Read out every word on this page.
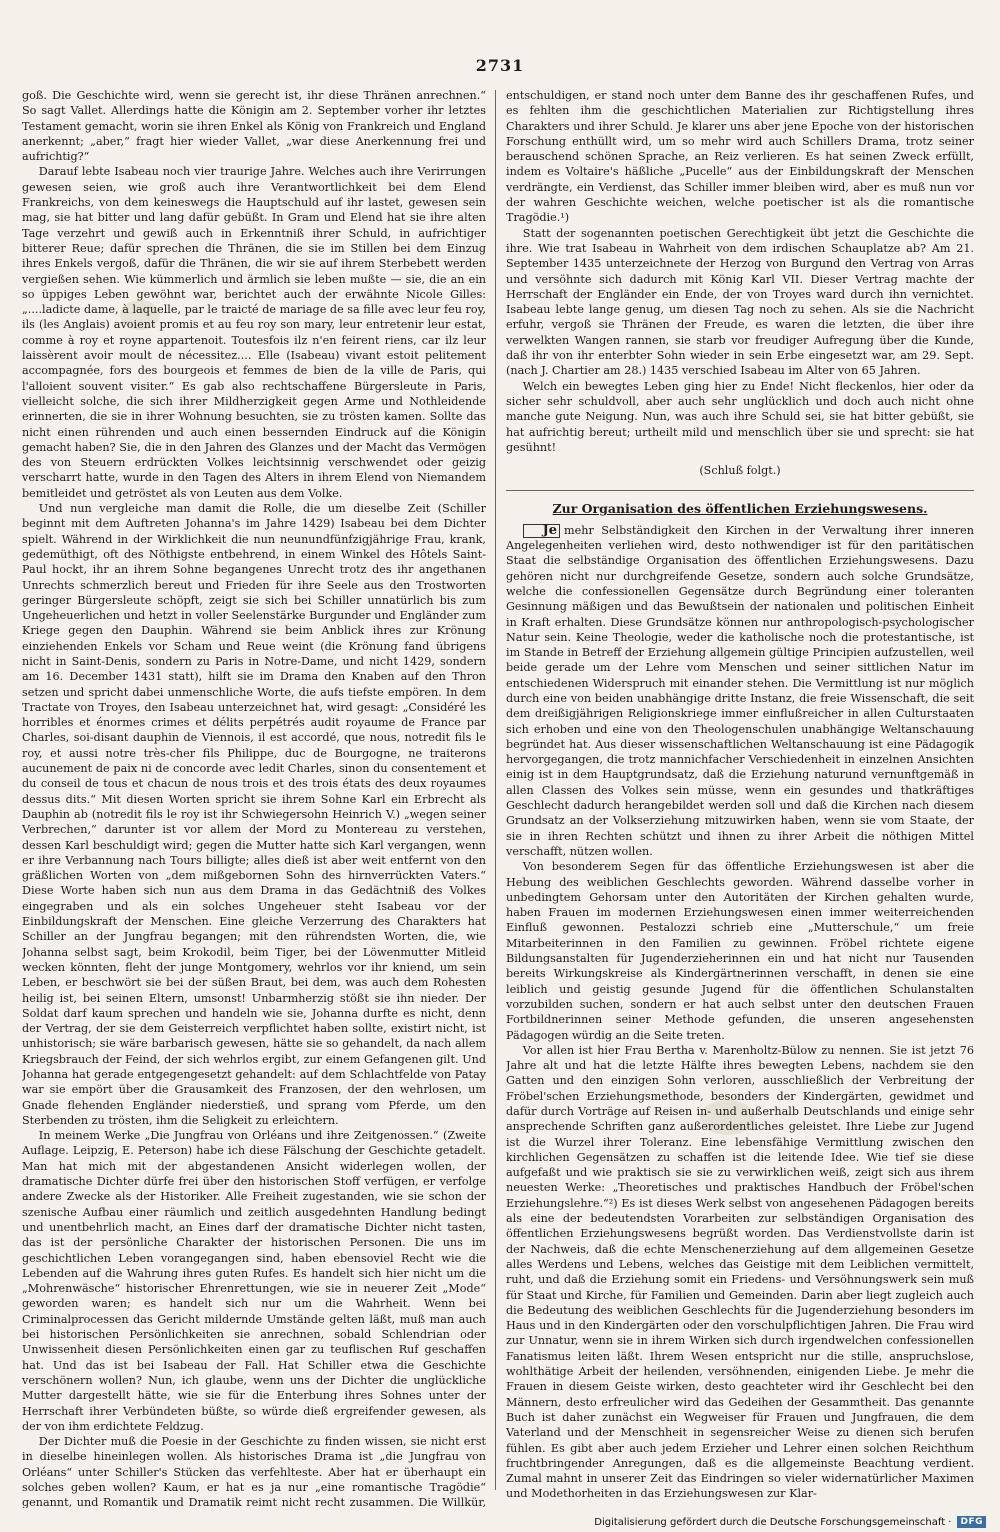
2731

goß. Die Geschichte wird, wenn sie gerecht ist, ihr diese Thränen anrechnen.“ So sagt Vallet. Allerdings hatte die Königin am 2. September vorher ihr letztes Testament gemacht, worin sie ihren Enkel als König von Frankreich und England anerkennt; „aber,“ fragt hier wieder Vallet, „war diese Anerkennung frei und aufrichtig?“

Darauf lebte Isabeau noch vier traurige Jahre. Welches auch ihre Verirrungen gewesen seien, wie groß auch ihre Verantwortlichkeit bei dem Elend Frankreichs, von dem keineswegs die Hauptschuld auf ihr lastet, gewesen sein mag, sie hat bitter und lang dafür gebüßt. In Gram und Elend hat sie ihre alten Tage verzehrt und gewiß auch in Erkenntniß ihrer Schuld, in aufrichtiger bitterer Reue; dafür sprechen die Thränen, die sie im Stillen bei dem Einzug ihres Enkels vergoß, dafür die Thränen, die wir sie auf ihrem Sterbebett werden vergießen sehen. Wie kümmerlich und ärmlich sie leben mußte — sie, die an ein so üppiges Leben gewöhnt war, berichtet auch der erwähnte Nicole Gilles: „....ladicte dame, à laquelle, par le traicté de mariage de sa fille avec leur feu roy, ils (les Anglais) avoient promis et au feu roy son mary, leur entretenir leur estat, comme à roy et royne appartenoit. Toutesfois ilz n'en feirent riens, car ilz leur laissèrent avoir moult de nécessitez.... Elle (Isabeau) vivant estoit pelitement accompagnée, fors des bourgeois et femmes de bien de la ville de Paris, qui l'alloient souvent visiter.“ Es gab also rechtschaffene Bürgersleute in Paris, vielleicht solche, die sich ihrer Mildherzigkeit gegen Arme und Nothleidende erinnerten, die sie in ihrer Wohnung besuchten, sie zu trösten kamen. Sollte das nicht einen rührenden und auch einen bessernden Eindruck auf die Königin gemacht haben? Sie, die in den Jahren des Glanzes und der Macht das Vermögen des von Steuern erdrückten Volkes leichtsinnig verschwendet oder geizig verscharrt hatte, wurde in den Tagen des Alters in ihrem Elend von Niemandem bemitleidet und getröstet als von Leuten aus dem Volke.

Und nun vergleiche man damit die Rolle, die um dieselbe Zeit (Schiller beginnt mit dem Auftreten Johanna's im Jahre 1429) Isabeau bei dem Dichter spielt. Während in der Wirklichkeit die nun neunundfünfzigjährige Frau, krank, gedemüthigt, oft des Nöthigste entbehrend, in einem Winkel des Hôtels Saint-Paul hockt, ihr an ihrem Sohne begangenes Unrecht trotz des ihr angethanen Unrechts schmerzlich bereut und Frieden für ihre Seele aus den Trostworten geringer Bürgersleute schöpft, zeigt sie sich bei Schiller unnatürlich bis zum Ungeheuerlichen und hetzt in voller Seelenstärke Burgunder und Engländer zum Kriege gegen den Dauphin. Während sie beim Anblick ihres zur Krönung einziehenden Enkels vor Scham und Reue weint (die Krönung fand übrigens nicht in Saint-Denis, sondern zu Paris in Notre-Dame, und nicht 1429, sondern am 16. December 1431 statt), hilft sie im Drama den Knaben auf den Thron setzen und spricht dabei unmenschliche Worte, die aufs tiefste empören. In dem Tractate von Troyes, den Isabeau unterzeichnet hat, wird gesagt: „Considéré les horribles et énormes crimes et délits perpétrés audit royaume de France par Charles, soi-disant dauphin de Viennois, il est accordé, que nous, notredit fils le roy, et aussi notre très-cher fils Philippe, duc de Bourgogne, ne traiterons aucunement de paix ni de concorde avec ledit Charles, sinon du consentement et du conseil de tous et chacun de nous trois et des trois états des deux royaumes dessus dits.“ Mit diesen Worten spricht sie ihrem Sohne Karl ein Erbrecht als Dauphin ab (notredit fils le roy ist ihr Schwiegersohn Heinrich V.) „wegen seiner Verbrechen,“ darunter ist vor allem der Mord zu Montereau zu verstehen, dessen Karl beschuldigt wird; gegen die Mutter hatte sich Karl vergangen, wenn er ihre Verbannung nach Tours billigte; alles dieß ist aber weit entfernt von den gräßlichen Worten von „dem mißgebornen Sohn des hirnverrückten Vaters.“ Diese Worte haben sich nun aus dem Drama in das Gedächtniß des Volkes eingegraben und als ein solches Ungeheuer steht Isabeau vor der Einbildungskraft der Menschen. Eine gleiche Verzerrung des Charakters hat Schiller an der Jungfrau begangen; mit den rührendsten Worten, die, wie Johanna selbst sagt, beim Krokodil, beim Tiger, bei der Löwenmutter Mitleid wecken könnten, fleht der junge Montgomery, wehrlos vor ihr kniend, um sein Leben, er beschwört sie bei der süßen Braut, bei dem, was auch dem Rohesten heilig ist, bei seinen Eltern, umsonst! Unbarmherzig stößt sie ihn nieder. Der Soldat darf kaum sprechen und handeln wie sie, Johanna durfte es nicht, denn der Vertrag, der sie dem Geisterreich verpflichtet haben sollte, existirt nicht, ist unhistorisch; sie wäre barbarisch gewesen, hätte sie so gehandelt, da nach allem Kriegsbrauch der Feind, der sich wehrlos ergibt, zur einem Gefangenen gilt. Und Johanna hat gerade entgegengesetzt gehandelt: auf dem Schlachtfelde von Patay war sie empört über die Grausamkeit des Franzosen, der den wehrlosen, um Gnade flehenden Engländer niederstieß, und sprang vom Pferde, um den Sterbenden zu trösten, ihm die Seligkeit zu erleichtern.

In meinem Werke „Die Jungfrau von Orléans und ihre Zeitgenossen.“ (Zweite Auflage. Leipzig, E. Peterson) habe ich diese Fälschung der Geschichte getadelt. Man hat mich mit der abgestandenen Ansicht widerlegen wollen, der dramatische Dichter dürfe frei über den historischen Stoff verfügen, er verfolge andere Zwecke als der Historiker. Alle Freiheit zugestanden, wie sie schon der szenische Aufbau einer räumlich und zeitlich ausgedehnten Handlung bedingt und unentbehrlich macht, an Eines darf der dramatische Dichter nicht tasten, das ist der persönliche Charakter der historischen Personen. Die uns im geschichtlichen Leben vorangegangen sind, haben ebensoviel Recht wie die Lebenden auf die Wahrung ihres guten Rufes. Es handelt sich hier nicht um die „Mohrenwäsche“ historischer Ehrenrettungen, wie sie in neuerer Zeit „Mode“ geworden waren; es handelt sich nur um die Wahrheit. Wenn bei Criminalprocessen das Gericht mildernde Umstände gelten läßt, muß man auch bei historischen Persönlichkeiten sie anrechnen, sobald Schlendrian oder Unwissenheit diesen Persönlichkeiten einen gar zu teuflischen Ruf geschaffen hat. Und das ist bei Isabeau der Fall. Hat Schiller etwa die Geschichte verschönern wollen? Nun, ich glaube, wenn uns der Dichter die unglückliche Mutter dargestellt hätte, wie sie für die Enterbung ihres Sohnes unter der Herrschaft ihrer Verbündeten büßte, so würde dieß ergreifender gewesen, als der von ihm erdichtete Feldzug.

Der Dichter muß die Poesie in der Geschichte zu finden wissen, sie nicht erst in dieselbe hineinlegen wollen. Als historisches Drama ist „die Jungfrau von Orléans“ unter Schiller's Stücken das verfehlteste. Aber hat er überhaupt ein solches geben wollen? Kaum, er hat es ja nur „eine romantische Tragödie“ genannt, und Romantik und Dramatik reimt nicht recht zusammen. Die Willkür,

entschuldigen, er stand noch unter dem Banne des ihr geschaffenen Rufes, und es fehlten ihm die geschichtlichen Materialien zur Richtigstellung ihres Charakters und ihrer Schuld. Je klarer uns aber jene Epoche von der historischen Forschung enthüllt wird, um so mehr wird auch Schillers Drama, trotz seiner berauschend schönen Sprache, an Reiz verlieren. Es hat seinen Zweck erfüllt, indem es Voltaire's häßliche „Pucelle“ aus der Einbildungskraft der Menschen verdrängte, ein Verdienst, das Schiller immer bleiben wird, aber es muß nun vor der wahren Geschichte weichen, welche poetischer ist als die romantische Tragödie.¹)

Statt der sogenannten poetischen Gerechtigkeit übt jetzt die Geschichte die ihre. Wie trat Isabeau in Wahrheit von dem irdischen Schauplatze ab? Am 21. September 1435 unterzeichnete der Herzog von Burgund den Vertrag von Arras und versöhnte sich dadurch mit König Karl VII. Dieser Vertrag machte der Herrschaft der Engländer ein Ende, der von Troyes ward durch ihn vernichtet. Isabeau lebte lange genug, um diesen Tag noch zu sehen. Als sie die Nachricht erfuhr, vergoß sie Thränen der Freude, es waren die letzten, die über ihre verwelkten Wangen rannen, sie starb vor freudiger Aufregung über die Kunde, daß ihr von ihr enterbter Sohn wieder in sein Erbe eingesetzt war, am 29. Sept. (nach J. Chartier am 28.) 1435 verschied Isabeau im Alter von 65 Jahren.

Welch ein bewegtes Leben ging hier zu Ende! Nicht fleckenlos, hier oder da sicher sehr schuldvoll, aber auch sehr unglücklich und doch auch nicht ohne manche gute Neigung. Nun, was auch ihre Schuld sei, sie hat bitter gebüßt, sie hat aufrichtig bereut; urtheilt mild und menschlich über sie und sprecht: sie hat gesühnt!

(Schluß folgt.)

Zur Organisation des öffentlichen Erziehungswesens.

Je mehr Selbständigkeit den Kirchen in der Verwaltung ihrer inneren Angelegenheiten verliehen wird, desto nothwendiger ist für den paritätischen Staat die selbständige Organisation des öffentlichen Erziehungswesens. Dazu gehören nicht nur durchgreifende Gesetze, sondern auch solche Grundsätze, welche die confessionellen Gegensätze durch Begründung einer toleranten Gesinnung mäßigen und das Bewußtsein der nationalen und politischen Einheit in Kraft erhalten. Diese Grundsätze können nur anthropologisch-psychologischer Natur sein. Keine Theologie, weder die katholische noch die protestantische, ist im Stande in Betreff der Erziehung allgemein gültige Principien aufzustellen, weil beide gerade um der Lehre vom Menschen und seiner sittlichen Natur im entschiedenen Widerspruch mit einander stehen. Die Vermittlung ist nur möglich durch eine von beiden unabhängige dritte Instanz, die freie Wissenschaft, die seit dem dreißigjährigen Religionskriege immer einflußreicher in allen Culturstaaten sich erhoben und eine von den Theologenschulen unabhängige Weltanschauung begründet hat. Aus dieser wissenschaftlichen Weltanschauung ist eine Pädagogik hervorgegangen, die trotz mannichfacher Verschiedenheit in einzelnen Ansichten einig ist in dem Hauptgrundsatz, daß die Erziehung naturund vernunftgemäß in allen Classen des Volkes sein müsse, wenn ein gesundes und thatkräftiges Geschlecht dadurch herangebildet werden soll und daß die Kirchen nach diesem Grundsatz an der Volkserziehung mitzuwirken haben, wenn sie vom Staate, der sie in ihren Rechten schützt und ihnen zu ihrer Arbeit die nöthigen Mittel verschafft, nützen wollen.

Von besonderem Segen für das öffentliche Erziehungswesen ist aber die Hebung des weiblichen Geschlechts geworden. Während dasselbe vorher in unbedingtem Gehorsam unter den Autoritäten der Kirchen gehalten wurde, haben Frauen im modernen Erziehungswesen einen immer weiterreichenden Einfluß gewonnen. Pestalozzi schrieb eine „Mutterschule,“ um freie Mitarbeiterinnen in den Familien zu gewinnen. Fröbel richtete eigene Bildungsanstalten für Jugenderzieherinnen ein und hat nicht nur Tausenden bereits Wirkungskreise als Kindergärtnerinnen verschafft, in denen sie eine leiblich und geistig gesunde Jugend für die öffentlichen Schulanstalten vorzubilden suchen, sondern er hat auch selbst unter den deutschen Frauen Fortbildnerinnen seiner Methode gefunden, die unseren angesehensten Pädagogen würdig an die Seite treten.

Vor allen ist hier Frau Bertha v. Marenholtz-Bülow zu nennen. Sie ist jetzt 76 Jahre alt und hat die letzte Hälfte ihres bewegten Lebens, nachdem sie den Gatten und den einzigen Sohn verloren, ausschließlich der Verbreitung der Fröbel'schen Erziehungsmethode, besonders der Kindergärten, gewidmet und dafür durch Vorträge auf Reisen in- und außerhalb Deutschlands und einige sehr ansprechende Schriften ganz außerordentliches geleistet. Ihre Liebe zur Jugend ist die Wurzel ihrer Toleranz. Eine lebensfähige Vermittlung zwischen den kirchlichen Gegensätzen zu schaffen ist die leitende Idee. Wie tief sie diese aufgefaßt und wie praktisch sie sie zu verwirklichen weiß, zeigt sich aus ihrem neuesten Werke: „Theoretisches und praktisches Handbuch der Fröbel'schen Erziehungslehre.“²) Es ist dieses Werk selbst von angesehenen Pädagogen bereits als eine der bedeutendsten Vorarbeiten zur selbständigen Organisation des öffentlichen Erziehungswesens begrüßt worden. Das Verdienstvollste darin ist der Nachweis, daß die echte Menschenerziehung auf dem allgemeinen Gesetze alles Werdens und Lebens, welches das Geistige mit dem Leiblichen vermittelt, ruht, und daß die Erziehung somit ein Friedens- und Versöhnungswerk sein muß für Staat und Kirche, für Familien und Gemeinden. Darin aber liegt zugleich auch die Bedeutung des weiblichen Geschlechts für die Jugenderziehung besonders im Haus und in den Kindergärten oder den vorschulpflichtigen Jahren. Die Frau wird zur Unnatur, wenn sie in ihrem Wirken sich durch irgendwelchen confessionellen Fanatismus leiten läßt. Ihrem Wesen entspricht nur die stille, anspruchslose, wohlthätige Arbeit der heilenden, versöhnenden, einigenden Liebe. Je mehr die Frauen in diesem Geiste wirken, desto geachteter wird ihr Geschlecht bei den Männern, desto erfreulicher wird das Gedeihen der Gesammtheit. Das genannte Buch ist daher zunächst ein Wegweiser für Frauen und Jungfrauen, die dem Vaterland und der Menschheit in segensreicher Weise zu dienen sich berufen fühlen. Es gibt aber auch jedem Erzieher und Lehrer einen solchen Reichthum fruchtbringender Anregungen, daß es die allgemeinste Beachtung verdient. Zumal mahnt in unserer Zeit das Eindringen so vieler widernatürlicher Maximen und Modethorheiten in das Erziehungswesen zur Klar-

Digitalisierung gefördert durch die Deutsche Forschungsgemeinschaft ·	DFG
